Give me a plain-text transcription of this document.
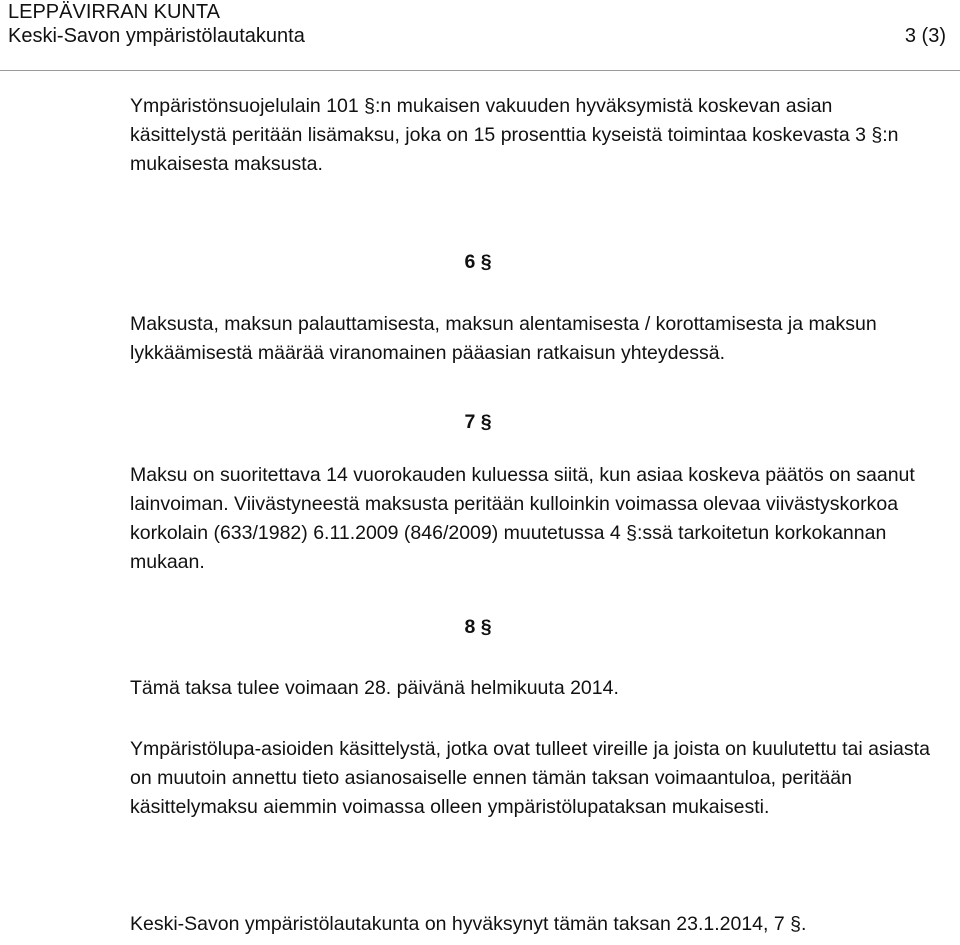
LEPPÄVIRRAN KUNTA
Keski-Savon ympäristölautakunta	3 (3)

Ympäristönsuojelulain 101 §:n mukaisen vakuuden hyväksymistä koskevan asian käsittelystä peritään lisämaksu, joka on 15 prosenttia kyseistä toimintaa koskevasta 3 §:n mukaisesta maksusta.

6 §

Maksusta, maksun palauttamisesta, maksun alentamisesta / korottamisesta ja maksun lykkäämisestä määrää viranomainen pääasian ratkaisun yhteydessä.

7 §

Maksu on suoritettava 14 vuorokauden kuluessa siitä, kun asiaa koskeva päätös on saanut lainvoiman. Viivästyneestä maksusta peritään kulloinkin voimassa olevaa viivästyskorkoa korkolain (633/1982) 6.11.2009 (846/2009) muutetussa 4 §:ssä tarkoitetun korkokannan mukaan.

8 §

Tämä taksa tulee voimaan 28. päivänä helmikuuta 2014.

Ympäristölupa-asioiden käsittelystä, jotka ovat tulleet vireille ja joista on kuulutettu tai asiasta on muutoin annettu tieto asianosaiselle ennen tämän taksan voimaantuloa, peritään käsittelymaksu aiemmin voimassa olleen ympäristölupataksan mukaisesti.

Keski-Savon ympäristölautakunta on hyväksynyt tämän taksan 23.1.2014, 7 §.
